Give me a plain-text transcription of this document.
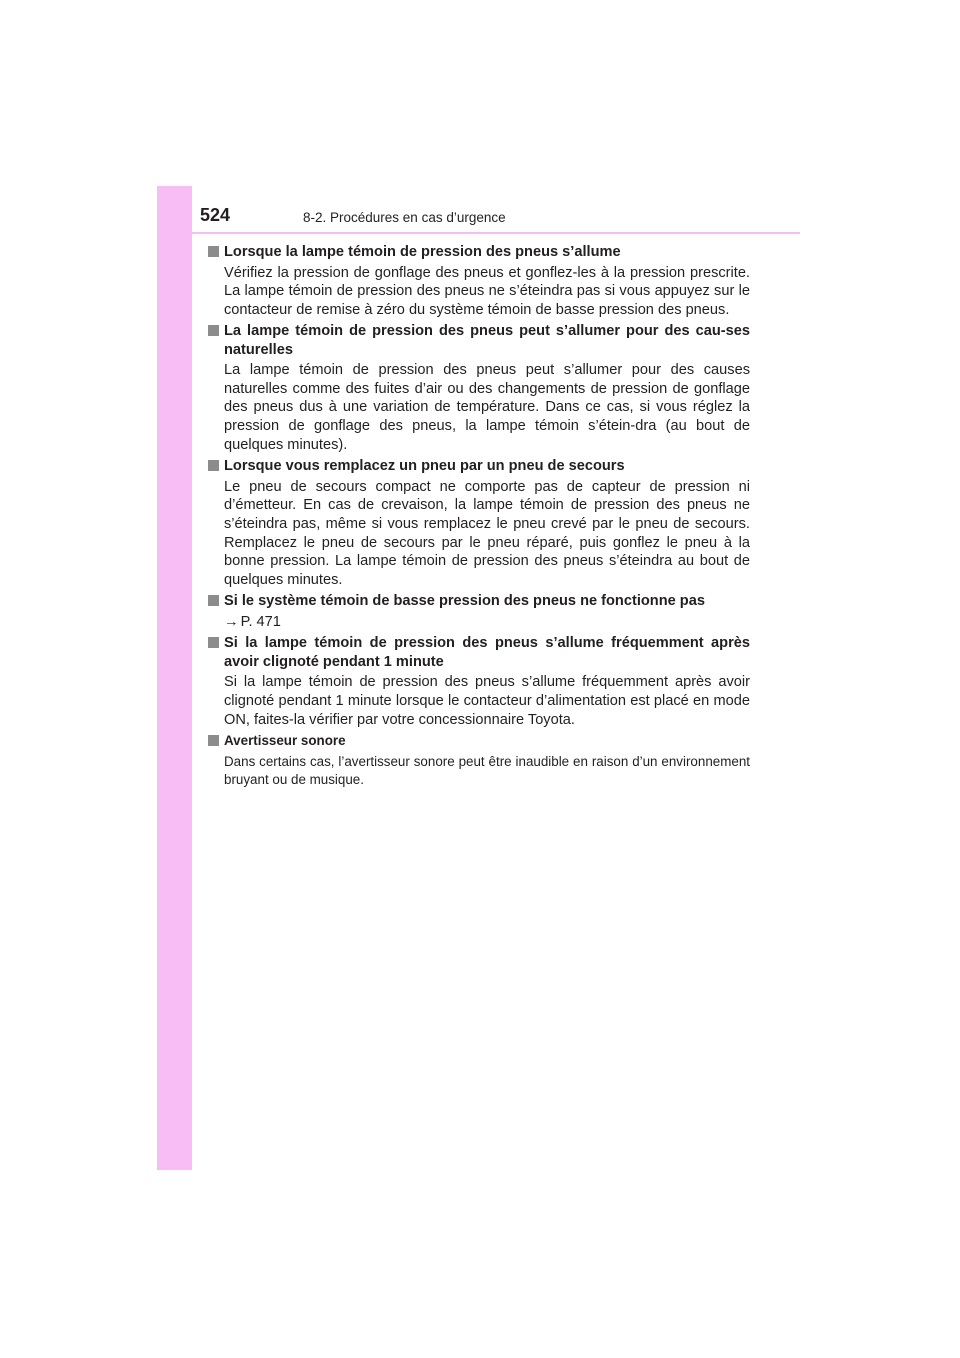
524	8-2. Procédures en cas d’urgence
Lorsque la lampe témoin de pression des pneus s’allume
Vérifiez la pression de gonflage des pneus et gonflez-les à la pression prescrite. La lampe témoin de pression des pneus ne s’éteindra pas si vous appuyez sur le contacteur de remise à zéro du système témoin de basse pression des pneus.
La lampe témoin de pression des pneus peut s’allumer pour des cau-ses naturelles
La lampe témoin de pression des pneus peut s’allumer pour des causes naturelles comme des fuites d’air ou des changements de pression de gonflage des pneus dus à une variation de température. Dans ce cas, si vous réglez la pression de gonflage des pneus, la lampe témoin s’étein-dra (au bout de quelques minutes).
Lorsque vous remplacez un pneu par un pneu de secours
Le pneu de secours compact ne comporte pas de capteur de pression ni d’émetteur. En cas de crevaison, la lampe témoin de pression des pneus ne s’éteindra pas, même si vous remplacez le pneu crevé par le pneu de secours. Remplacez le pneu de secours par le pneu réparé, puis gonflez le pneu à la bonne pression. La lampe témoin de pression des pneus s’éteindra au bout de quelques minutes.
Si le système témoin de basse pression des pneus ne fonctionne pas
→ P. 471
Si la lampe témoin de pression des pneus s’allume fréquemment après avoir clignoté pendant 1 minute
Si la lampe témoin de pression des pneus s’allume fréquemment après avoir clignoté pendant 1 minute lorsque le contacteur d’alimentation est placé en mode ON, faites-la vérifier par votre concessionnaire Toyota.
Avertisseur sonore
Dans certains cas, l’avertisseur sonore peut être inaudible en raison d’un environnement bruyant ou de musique.
